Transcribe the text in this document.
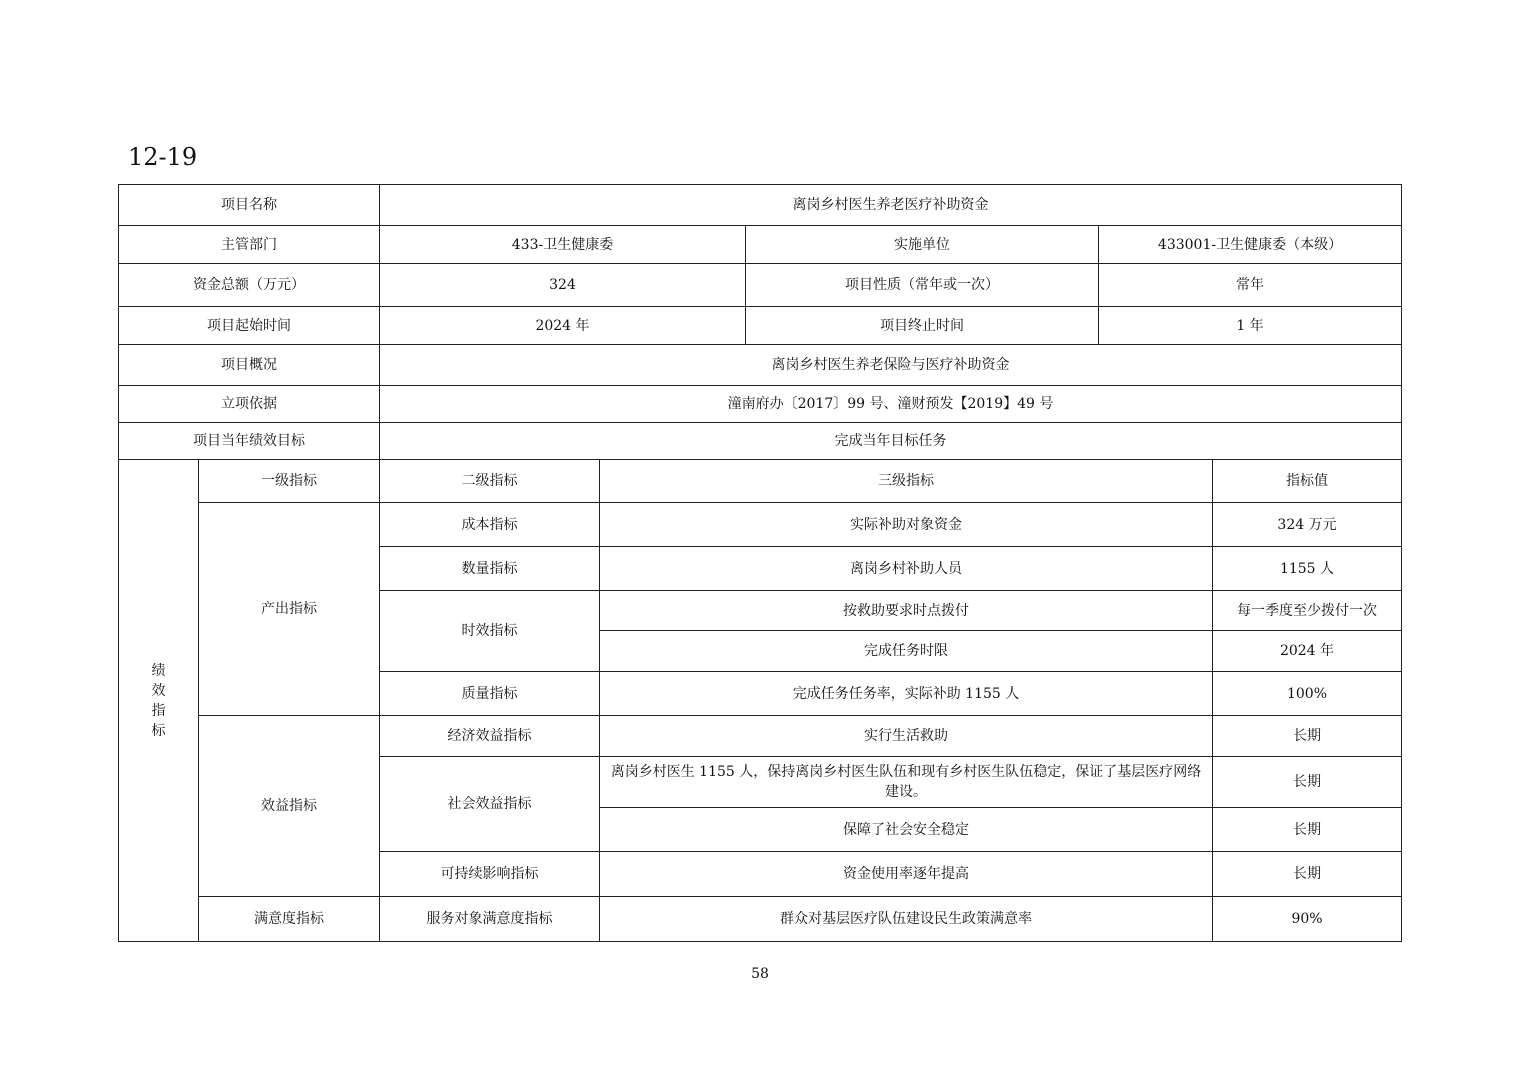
12-19
项目名称		离岗乡村医生养老医疗补助资金				
主管部门		433-卫生健康委		实施单位	433001-卫生健康委（本级）	
资金总额（万元）		324		项目性质（常年或一次）	常年	
项目起始时间		2024 年		项目终止时间	1 年	
项目概况		离岗乡村医生养老保险与医疗补助资金				
立项依据		潼南府办〔2017〕99 号、潼财预发【2019】49 号				
项目当年绩效目标		完成当年目标任务				
绩效指标	一级指标	二级指标	三级指标			指标值
	产出指标	成本指标	实际补助对象资金			324 万元
		数量指标	离岗乡村补助人员			1155 人
		时效指标	按救助要求时点拨付			每一季度至少拨付一次
			完成任务时限			2024 年
		质量指标	完成任务任务率，实际补助 1155 人			100%
	效益指标	经济效益指标	实行生活救助			长期
		社会效益指标	离岗乡村医生 1155 人，保持离岗乡村医生队伍和现有乡村医生队伍稳定，保证了基层医疗网络建设。			长期
			保障了社会安全稳定			长期
		可持续影响指标	资金使用率逐年提高			长期
	满意度指标	服务对象满意度指标	群众对基层医疗队伍建设民生政策满意率			90%
58
